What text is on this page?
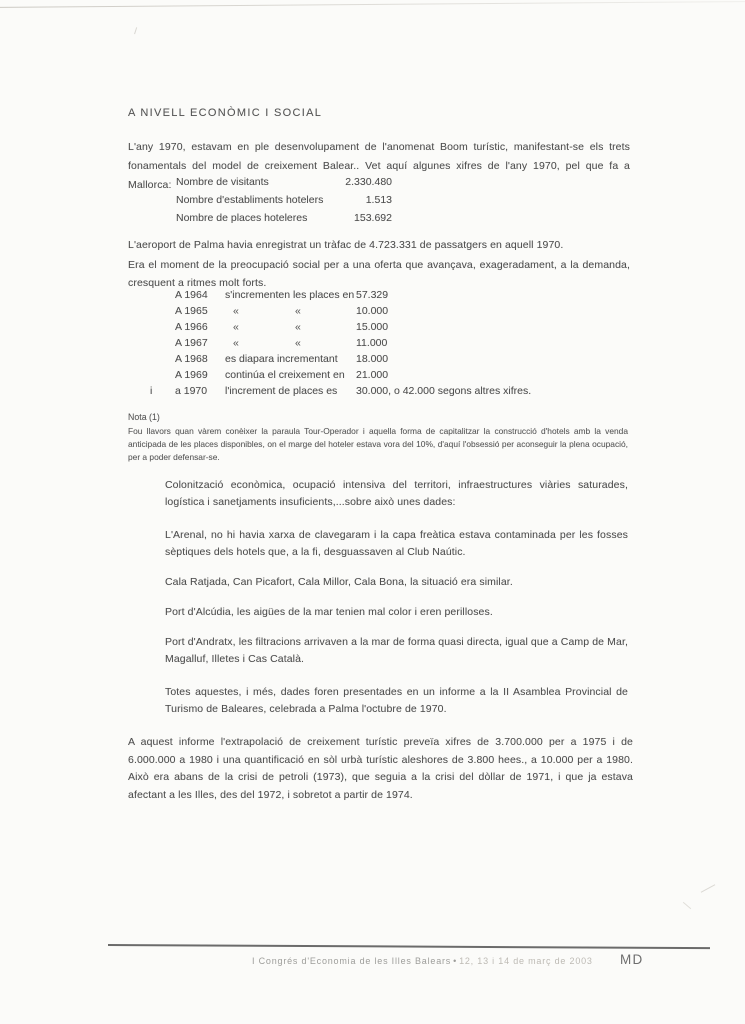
A NIVELL ECONÒMIC I SOCIAL
L'any 1970, estavam en ple desenvolupament de l'anomenat Boom turístic, manifestant-se els trets fonamentals del model de creixement Balear.. Vet aquí algunes xifres de l'any 1970, pel que fa a Mallorca: Nombre de visitants	2.330.480
Nombre d'establiments hotelers	1.513
Nombre de places hoteleres	153.692
L'aeroport de Palma havia enregistrat un tràfac de 4.723.331 de passatgers en aquell 1970.
Era el moment de la preocupació social per a una oferta que avançava, exageradament, a la demanda, cresquent a ritmes molt forts.
A 1964 s'incrementen les places en 57.329
A 1965 «	«	10.000
A 1966 «	«	15.000
A 1967 «	«	11.000
A 1968 es diapara incrementant	18.000
A 1969 continúa el creixement en	21.000
i a 1970 l'increment de places es	30.000, o 42.000 segons altres xifres.
Nota (1)
Fou llavors quan vàrem conèixer la paraula Tour-Operador i aquella forma de capitalitzar la construcció d'hotels amb la venda anticipada de les places disponibles, on el marge del hoteler estava vora del 10%, d'aquí l'obsessió per aconseguir la plena ocupació, per a poder defensar-se.
Colonització econòmica, ocupació intensiva del territori, infraestructures viàries saturades, logística i sanetjaments insuficients,...sobre això unes dades:
L'Arenal, no hi havia xarxa de clavegaram i la capa freàtica estava contaminada per les fosses sèptiques dels hotels que, a la fi, desguassaven al Club Naútic.
Cala Ratjada, Can Picafort, Cala Millor, Cala Bona, la situació era similar.
Port d'Alcúdia, les aigües de la mar tenien mal color i eren perilloses.
Port d'Andratx, les filtracions arrivaven a la mar de forma quasi directa, igual que a Camp de Mar, Magalluf, Illetes i Cas Català.
Totes aquestes, i més, dades foren presentades en un informe a la II Asamblea Provincial de Turismo de Baleares, celebrada a Palma l'octubre de 1970.
A aquest informe l'extrapolació de creixement turístic preveïa xifres de 3.700.000 per a 1975 i de 6.000.000 a 1980 i una quantificació en sòl urbà turístic aleshores de 3.800 hees., a 10.000 per a 1980. Això era abans de la crisi de petroli (1973), que seguia a la crisi del dòllar de 1971, i que ja estava afectant a les Illes, des del 1972, i sobretot a partir de 1974.
I Congrés d'Economia de les Illes Balears • 12, 13 i 14 de març de 2003 MD
